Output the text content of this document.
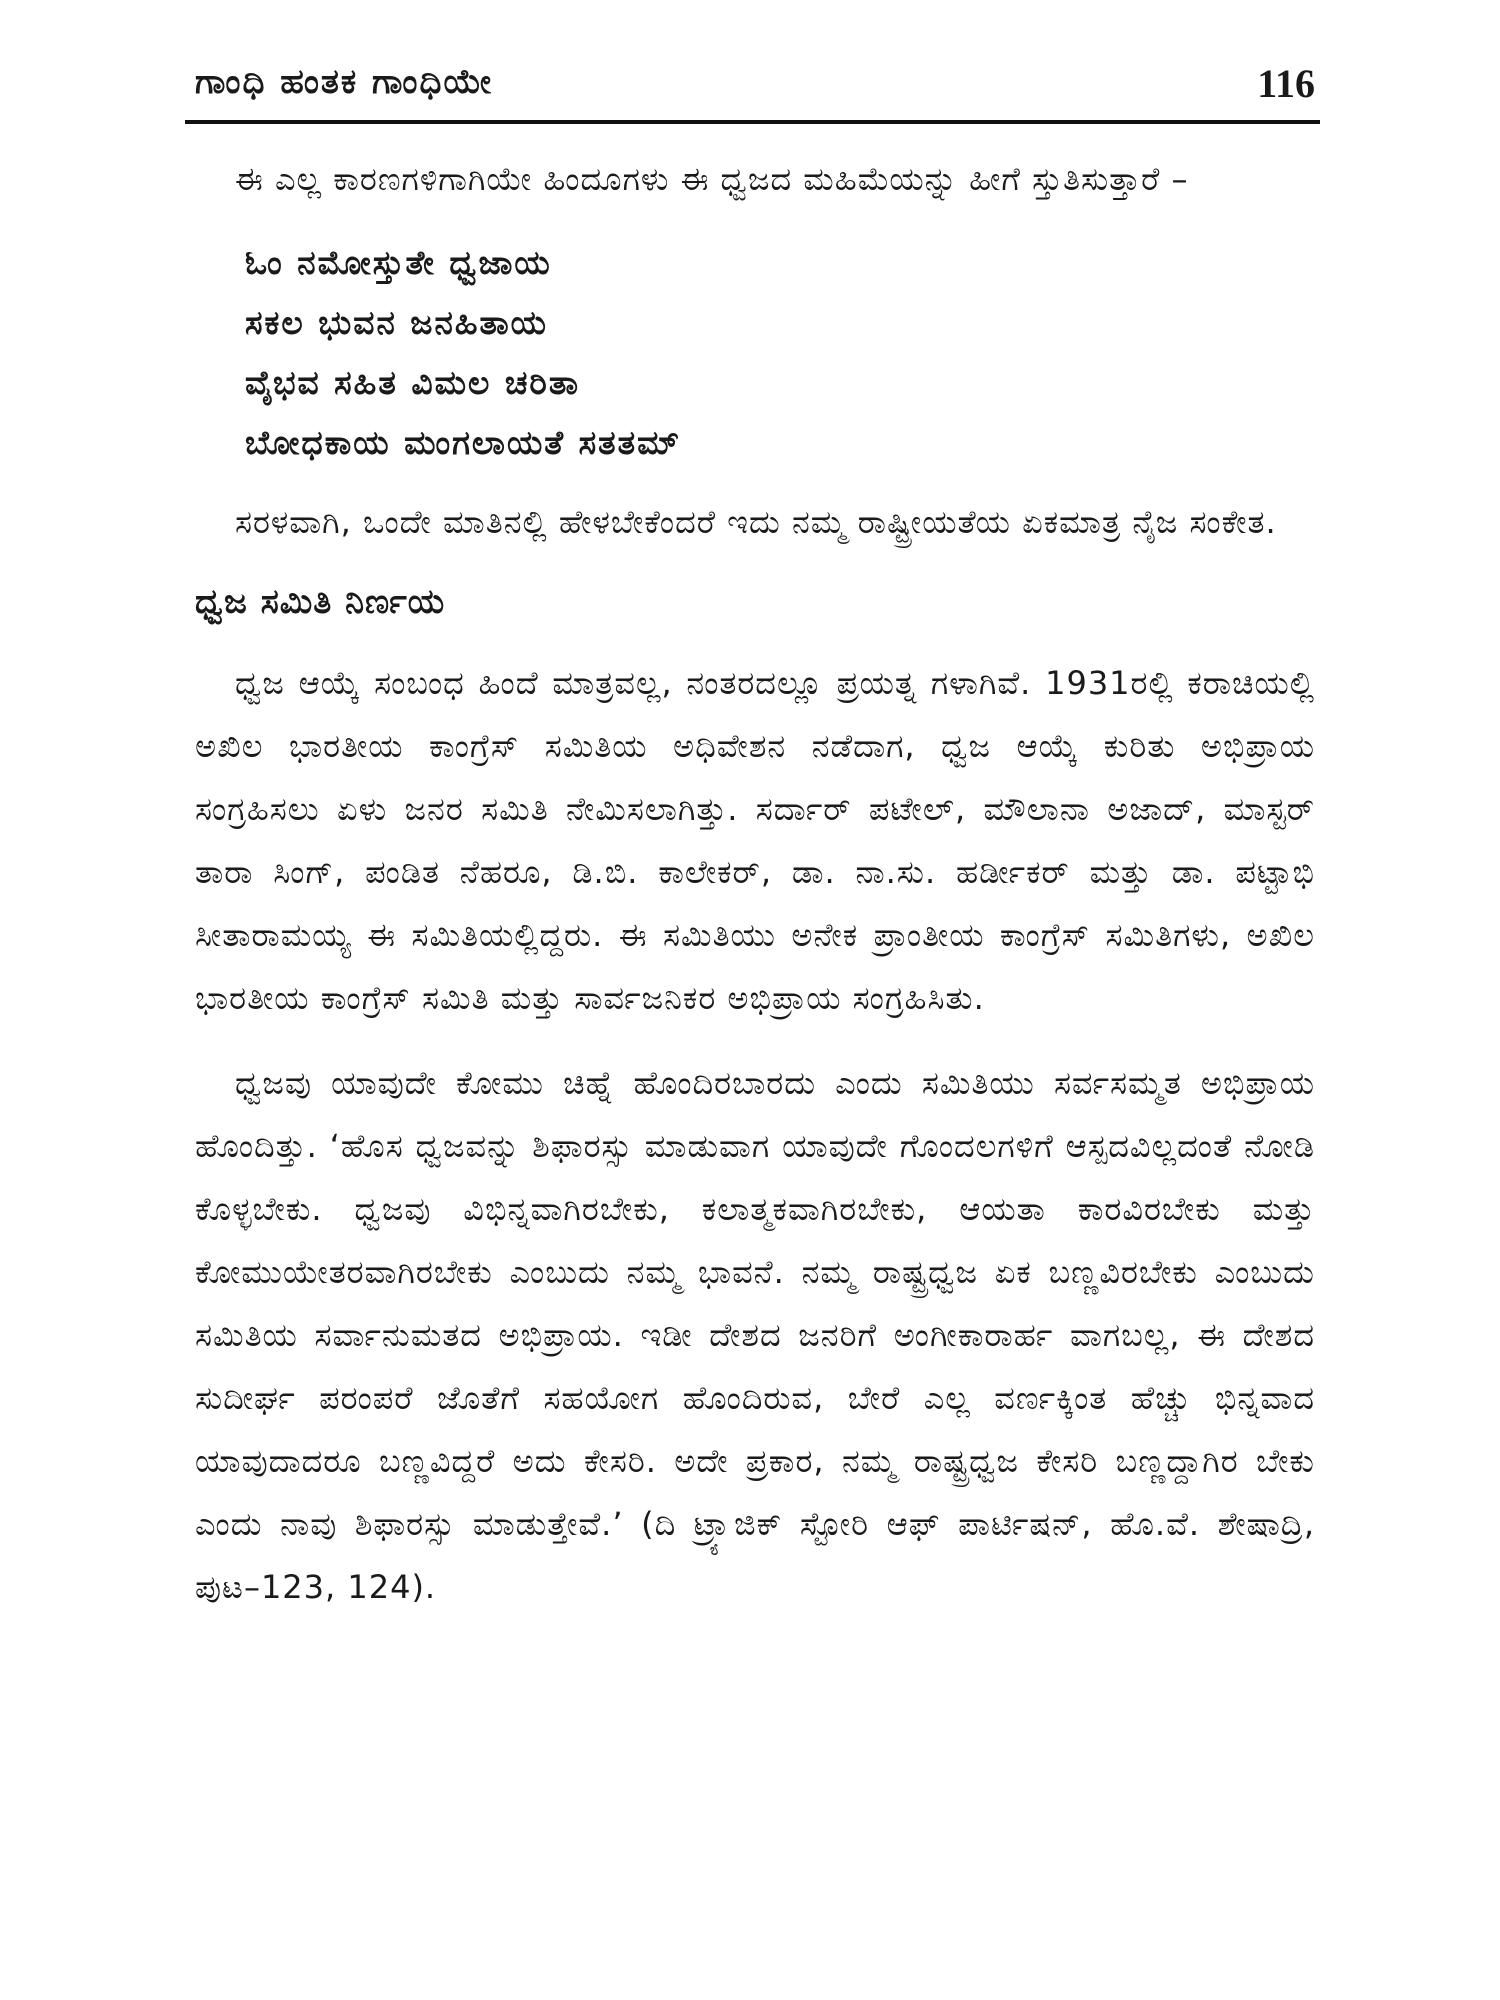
ಗಾಂಧಿ ಹಂತಕ ಗಾಂಧಿಯೇ	116

ಈ ಎಲ್ಲ ಕಾರಣಗಳಿಗಾಗಿಯೇ ಹಿಂದೂಗಳು ಈ ಧ್ವಜದ ಮಹಿಮೆಯನ್ನು ಹೀಗೆ ಸ್ತುತಿಸುತ್ತಾರೆ –

ಓಂ ನಮೋಸ್ತುತೇ ಧ್ವಜಾಯ
ಸಕಲ ಭುವನ ಜನಹಿತಾಯ
ವೈಭವ ಸಹಿತ ವಿಮಲ ಚರಿತಾ
ಬೋಧಕಾಯ ಮಂಗಲಾಯತೆ ಸತತಮ್

ಸರಳವಾಗಿ, ಒಂದೇ ಮಾತಿನಲ್ಲಿ ಹೇಳಬೇಕೆಂದರೆ ಇದು ನಮ್ಮ ರಾಷ್ಟ್ರೀಯತೆಯ ಏಕಮಾತ್ರ ನೈಜ ಸಂಕೇತ.

ಧ್ವಜ ಸಮಿತಿ ನಿರ್ಣಯ

ಧ್ವಜ ಆಯ್ಕೆ ಸಂಬಂಧ ಹಿಂದೆ ಮಾತ್ರವಲ್ಲ, ನಂತರದಲ್ಲೂ ಪ್ರಯತ್ನ ಗಳಾಗಿವೆ. 1931ರಲ್ಲಿ ಕರಾಚಿಯಲ್ಲಿ ಅಖಿಲ ಭಾರತೀಯ ಕಾಂಗ್ರೆಸ್ ಸಮಿತಿಯ ಅಧಿವೇಶನ ನಡೆದಾಗ, ಧ್ವಜ ಆಯ್ಕೆ ಕುರಿತು ಅಭಿಪ್ರಾಯ ಸಂಗ್ರಹಿಸಲು ಏಳು ಜನರ ಸಮಿತಿ ನೇಮಿಸಲಾಗಿತ್ತು. ಸರ್ದಾರ್ ಪಟೇಲ್, ಮೌಲಾನಾ ಅಜಾದ್, ಮಾಸ್ಟರ್ ತಾರಾ ಸಿಂಗ್, ಪಂಡಿತ ನೆಹರೂ, ಡಿ.ಬಿ. ಕಾಲೇಕರ್, ಡಾ. ನಾ.ಸು. ಹರ್ಡೀಕರ್ ಮತ್ತು ಡಾ. ಪಟ್ಟಾಭಿ ಸೀತಾರಾಮಯ್ಯ ಈ ಸಮಿತಿಯಲ್ಲಿದ್ದರು. ಈ ಸಮಿತಿಯು ಅನೇಕ ಪ್ರಾಂತೀಯ ಕಾಂಗ್ರೆಸ್ ಸಮಿತಿಗಳು, ಅಖಿಲ ಭಾರತೀಯ ಕಾಂಗ್ರೆಸ್ ಸಮಿತಿ ಮತ್ತು ಸಾರ್ವಜನಿಕರ ಅಭಿಪ್ರಾಯ ಸಂಗ್ರಹಿಸಿತು.

ಧ್ವಜವು ಯಾವುದೇ ಕೋಮು ಚಿಹ್ನೆ ಹೊಂದಿರಬಾರದು ಎಂದು ಸಮಿತಿಯು ಸರ್ವಸಮ್ಮತ ಅಭಿಪ್ರಾಯ ಹೊಂದಿತ್ತು. ‘ಹೊಸ ಧ್ವಜವನ್ನು ಶಿಫಾರಸ್ಸು ಮಾಡುವಾಗ ಯಾವುದೇ ಗೊಂದಲಗಳಿಗೆ ಆಸ್ಪದವಿಲ್ಲದಂತೆ ನೋಡಿ ಕೊಳ್ಳಬೇಕು. ಧ್ವಜವು ವಿಭಿನ್ನವಾಗಿರಬೇಕು, ಕಲಾತ್ಮಕವಾಗಿರಬೇಕು, ಆಯತಾ ಕಾರವಿರಬೇಕು ಮತ್ತು ಕೋಮುಯೇತರವಾಗಿರಬೇಕು ಎಂಬುದು ನಮ್ಮ ಭಾವನೆ. ನಮ್ಮ ರಾಷ್ಟ್ರಧ್ವಜ ಏಕ ಬಣ್ಣವಿರಬೇಕು ಎಂಬುದು ಸಮಿತಿಯ ಸರ್ವಾನುಮತದ ಅಭಿಪ್ರಾಯ. ಇಡೀ ದೇಶದ ಜನರಿಗೆ ಅಂಗೀಕಾರಾರ್ಹ ವಾಗಬಲ್ಲ, ಈ ದೇಶದ ಸುದೀರ್ಘ ಪರಂಪರೆ ಜೊತೆಗೆ ಸಹಯೋಗ ಹೊಂದಿರುವ, ಬೇರೆ ಎಲ್ಲ ವರ್ಣಕ್ಕಿಂತ ಹೆಚ್ಚು ಭಿನ್ನವಾದ ಯಾವುದಾದರೂ ಬಣ್ಣವಿದ್ದರೆ ಅದು ಕೇಸರಿ. ಅದೇ ಪ್ರಕಾರ, ನಮ್ಮ ರಾಷ್ಟ್ರಧ್ವಜ ಕೇಸರಿ ಬಣ್ಣದ್ದಾಗಿರ ಬೇಕು ಎಂದು ನಾವು ಶಿಫಾರಸ್ಸು ಮಾಡುತ್ತೇವೆ.’ (ದಿ ಟ್ರ್ಯಾಜಿಕ್ ಸ್ಟೋರಿ ಆಫ್ ಪಾರ್ಟಿಷನ್, ಹೊ.ವೆ. ಶೇಷಾದ್ರಿ, ಪುಟ–123, 124).
